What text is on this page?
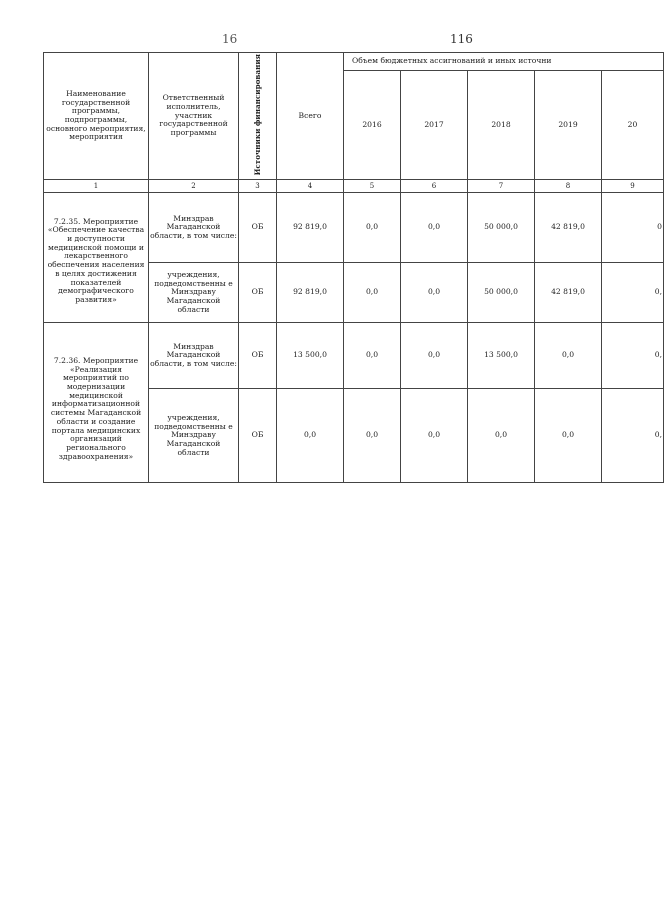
16	116
Наименование государственной программы, подпрограммы, основного мероприятия, мероприятия	Ответственный исполнитель, участник государственной программы	Источники финансирования	Всего	Объем бюджетных ассигнований и иных источни				
				2016	2017	2018	2019	20
1	2	3	4	5	6	7	8	9
7.2.35. Мероприятие «Обеспечение качества и доступности медицинской помощи и лекарственного обеспечения населения в целях достижения показателей демографического развития»	Минздрав Магаданской области, в том числе:	ОБ	92 819,0	0,0	0,0	50 000,0	42 819,0	0
	учреждения, подведомственны е Минздраву Магаданской области	ОБ	92 819,0	0,0	0,0	50 000,0	42 819,0	0,
7.2.36. Мероприятие «Реализация мероприятий по модернизации медицинской информатизационной системы Магаданской области и создание портала медицинских организаций регионального здравоохранения»	Минздрав Магаданской области, в том числе:	ОБ	13 500,0	0,0	0,0	13 500,0	0,0	0,
	учреждения, подведомственны е Минздраву Магаданской области	ОБ	0,0	0,0	0,0	0,0	0,0	0,
